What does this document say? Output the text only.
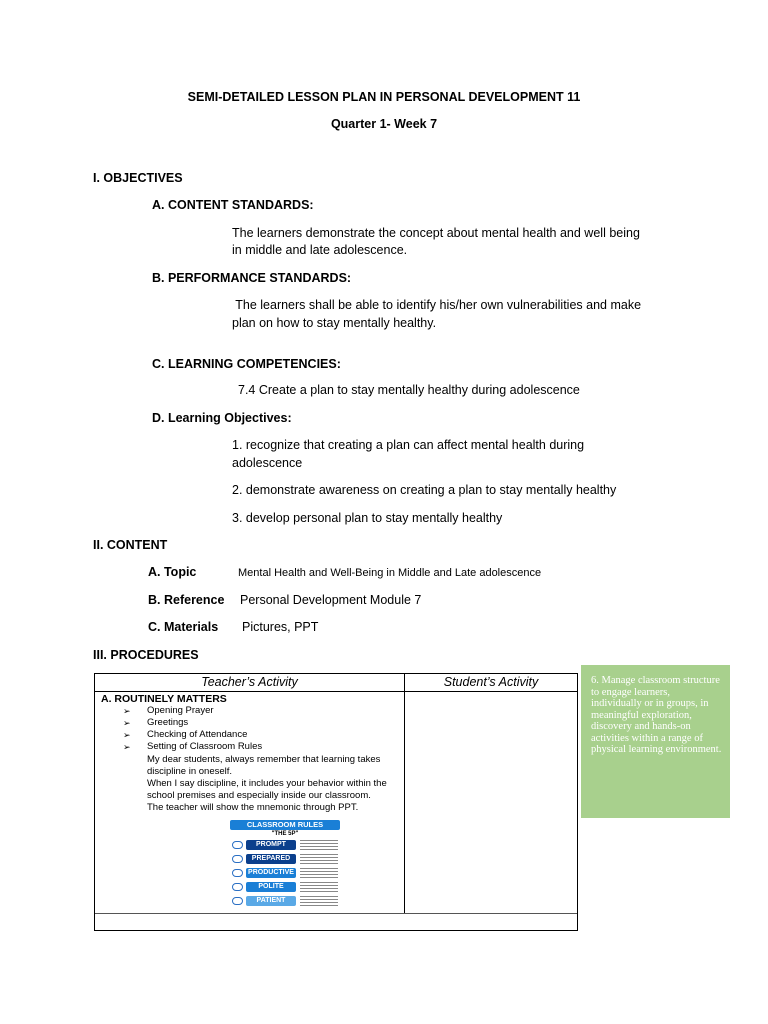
SEMI-DETAILED LESSON PLAN IN PERSONAL DEVELOPMENT 11
Quarter 1- Week 7
I. OBJECTIVES
A. CONTENT STANDARDS:
The learners demonstrate the concept about mental health and well being
in middle and late adolescence.
B. PERFORMANCE STANDARDS:
The learners shall be able to identify his/her own vulnerabilities and make
plan on how to stay mentally healthy.
C. LEARNING COMPETENCIES:
7.4 Create a plan to stay mentally healthy during adolescence
D. Learning Objectives:
1. recognize that creating a plan can affect mental health during
adolescence
2. demonstrate awareness on creating a plan to stay mentally healthy
3. develop personal plan to stay mentally healthy
II. CONTENT
A. Topic	Mental Health and Well-Being in Middle and Late adolescence
B. Reference Personal Development Module 7
C. Materials Pictures, PPT
III. PROCEDURES
Teacher’s Activity	Student’s Activity
A. ROUTINELY MATTERS
➢ Opening Prayer
➢ Greetings
➢ Checking of Attendance
➢ Setting of Classroom Rules
My dear students, always remember that learning takes
discipline in oneself.
When I say discipline, it includes your behavior within the
school premises and especially inside our classroom.
The teacher will show the mnemonic through PPT.
CLASSROOM RULES
"THE 5P"
PROMPT
PREPARED
PRODUCTIVE
POLITE
PATIENT
6. Manage classroom structure to engage learners, individually or in groups, in meaningful exploration, discovery and hands-on activities within a range of physical learning environment.
